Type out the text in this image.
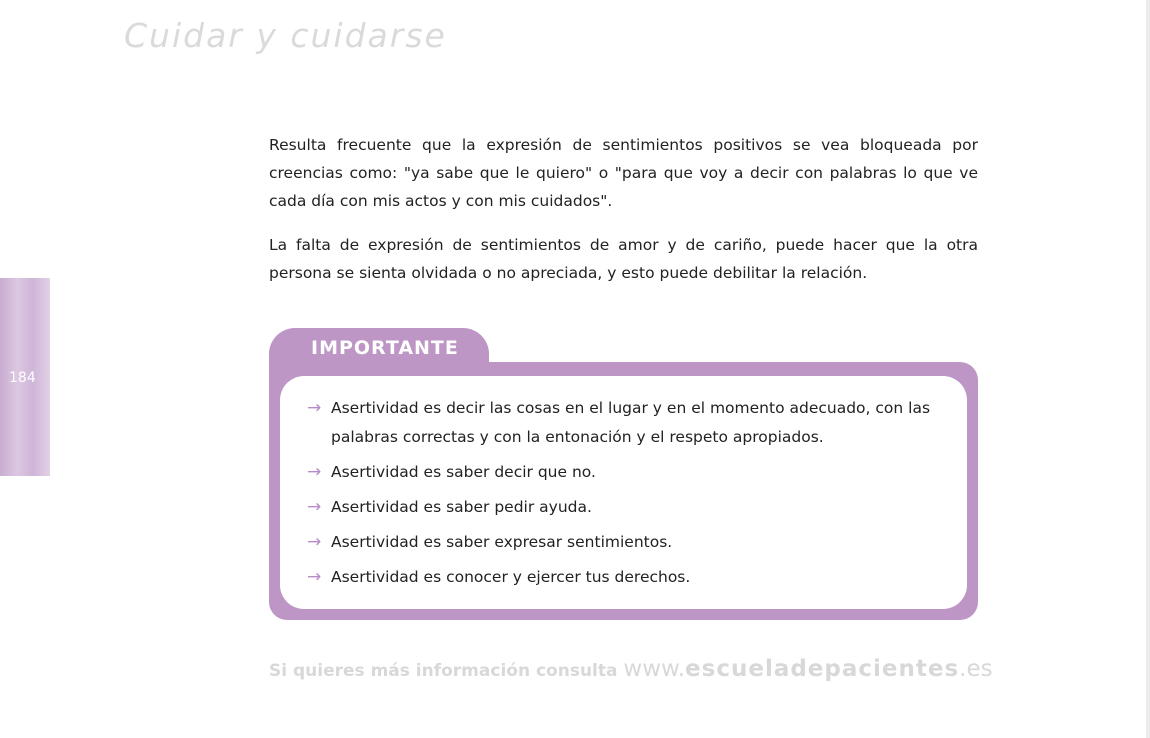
Cuidar y cuidarse
184

Resulta frecuente que la expresión de sentimientos positivos se vea bloqueada por creencias como: "ya sabe que le quiero" o "para que voy a decir con palabras lo que ve cada día con mis actos y con mis cuidados".

La falta de expresión de sentimientos de amor y de cariño, puede hacer que la otra persona se sienta olvidada o no apreciada, y esto puede debilitar la relación.

IMPORTANTE
→ Asertividad es decir las cosas en el lugar y en el momento adecuado, con las palabras correctas y con la entonación y el respeto apropiados.
→ Asertividad es saber decir que no.
→ Asertividad es saber pedir ayuda.
→ Asertividad es saber expresar sentimientos.
→ Asertividad es conocer y ejercer tus derechos.
Si quieres más información consulta www.escueladepacientes.es
